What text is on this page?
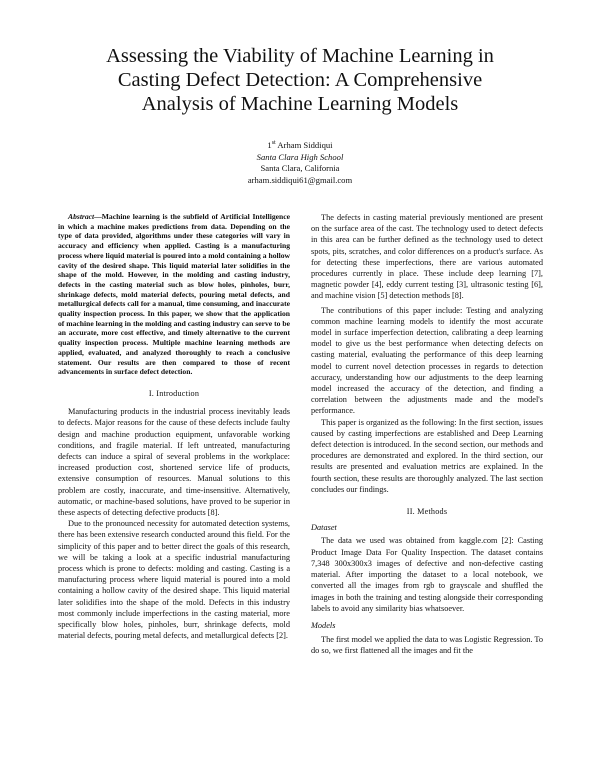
Assessing the Viability of Machine Learning in
Casting Defect Detection: A Comprehensive
Analysis of Machine Learning Models
1st Arham Siddiqui
Santa Clara High School
Santa Clara, California
arham.siddiqui61@gmail.com

Abstract—Machine learning is the subfield of Artificial Intelligence in which a machine makes predictions from data. Depending on the type of data provided, algorithms under these categories will vary in accuracy and efficiency when applied. Casting is a manufacturing process where liquid material is poured into a mold containing a hollow cavity of the desired shape. This liquid material later solidifies in the shape of the mold. However, in the molding and casting industry, defects in the casting material such as blow holes, pinholes, burr, shrinkage defects, mold material defects, pouring metal defects, and metallurgical defects call for a manual, time consuming, and inaccurate quality inspection process. In this paper, we show that the application of machine learning in the molding and casting industry can serve to be an accurate, more cost effective, and timely alternative to the current quality inspection process. Multiple machine learning methods are applied, evaluated, and analyzed thoroughly to reach a conclusive statement. Our results are then compared to those of recent advancements in surface defect detection.

I. Introduction

Manufacturing products in the industrial process inevitably leads to defects. Major reasons for the cause of these defects include faulty design and machine production equipment, unfavorable working conditions, and fragile material. If left untreated, manufacturing defects can induce a spiral of several problems in the workplace: increased production cost, shortened service life of products, extensive consumption of resources. Manual solutions to this problem are costly, inaccurate, and time-insensitive. Alternatively, automatic, or machine-based solutions, have proved to be superior in these aspects of detecting defective products [8].

Due to the pronounced necessity for automated detection systems, there has been extensive research conducted around this field. For the simplicity of this paper and to better direct the goals of this research, we will be taking a look at a specific industrial manufacturing process which is prone to defects: molding and casting. Casting is a manufacturing process where liquid material is poured into a mold containing a hollow cavity of the desired shape. This liquid material later solidifies into the shape of the mold. Defects in this industry most commonly include imperfections in the casting material, more specifically blow holes, pinholes, burr, shrinkage defects, mold material defects, pouring metal defects, and metallurgical defects [2].

The defects in casting material previously mentioned are present on the surface area of the cast. The technology used to detect defects in this area can be further defined as the technology used to detect spots, pits, scratches, and color differences on a product's surface. As for detecting these imperfections, there are various automated procedures currently in place. These include deep learning [7], magnetic powder [4], eddy current testing [3], ultrasonic testing [6], and machine vision [5] detection methods [8].

The contributions of this paper include: Testing and analyzing common machine learning models to identify the most accurate model in surface imperfection detection, calibrating a deep learning model to give us the best performance when detecting defects on casting material, evaluating the performance of this deep learning model to current novel detection processes in regards to detection accuracy, understanding how our adjustments to the deep learning model increased the accuracy of the detection, and finding a correlation between the adjustments made and the model's performance.

This paper is organized as the following: In the first section, issues caused by casting imperfections are established and Deep Learning defect detection is introduced. In the second section, our methods and procedures are demonstrated and explored. In the third section, our results are presented and evaluation metrics are explained. In the fourth section, these results are thoroughly analyzed. The last section concludes our findings.

II. Methods
Dataset

The data we used was obtained from kaggle.com [2]: Casting Product Image Data For Quality Inspection. The dataset contains 7,348 300x300x3 images of defective and non-defective casting material. After importing the dataset to a local notebook, we converted all the images from rgb to grayscale and shuffled the images in both the training and testing alongside their corresponding labels to avoid any similarity bias whatsoever.

Models

The first model we applied the data to was Logistic Regression. To do so, we first flattened all the images and fit the
